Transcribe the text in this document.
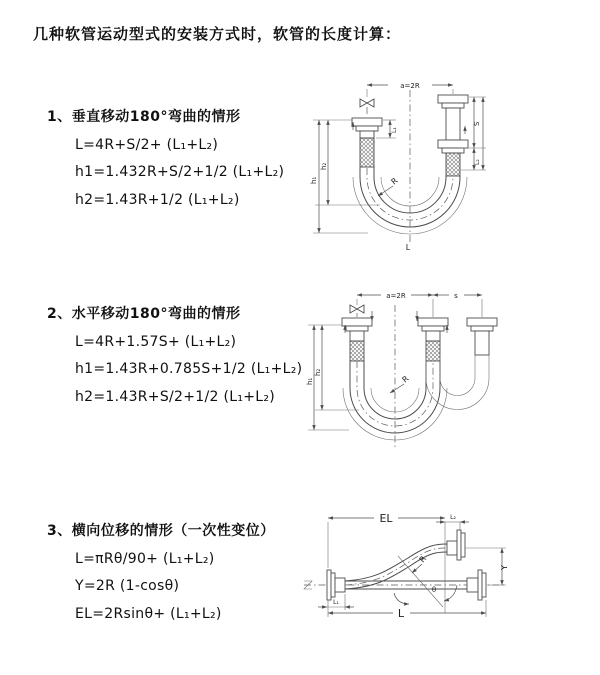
几种软管运动型式的安装方式时，软管的长度计算：
1、垂直移动180°弯曲的情形
L=4R+S/2+ (L₁+L₂)
h1=1.432R+S/2+1/2 (L₁+L₂)
h2=1.43R+1/2 (L₁+L₂)
2、水平移动180°弯曲的情形
L=4R+1.57S+ (L₁+L₂)
h1=1.43R+0.785S+1/2 (L₁+L₂)
h2=1.43R+S/2+1/2 (L₁+L₂)
3、横向位移的情形（一次性变位）
L=πRθ/90+ (L₁+L₂)
Y=2R (1-cosθ)
EL=2Rsinθ+ (L₁+L₂)
a=2R
L
h₁
h₂
L₁
S
L₂
R
a=2R	s
h₁
h₂
R
EL	L₂
Y
L
L₁
θ
R
